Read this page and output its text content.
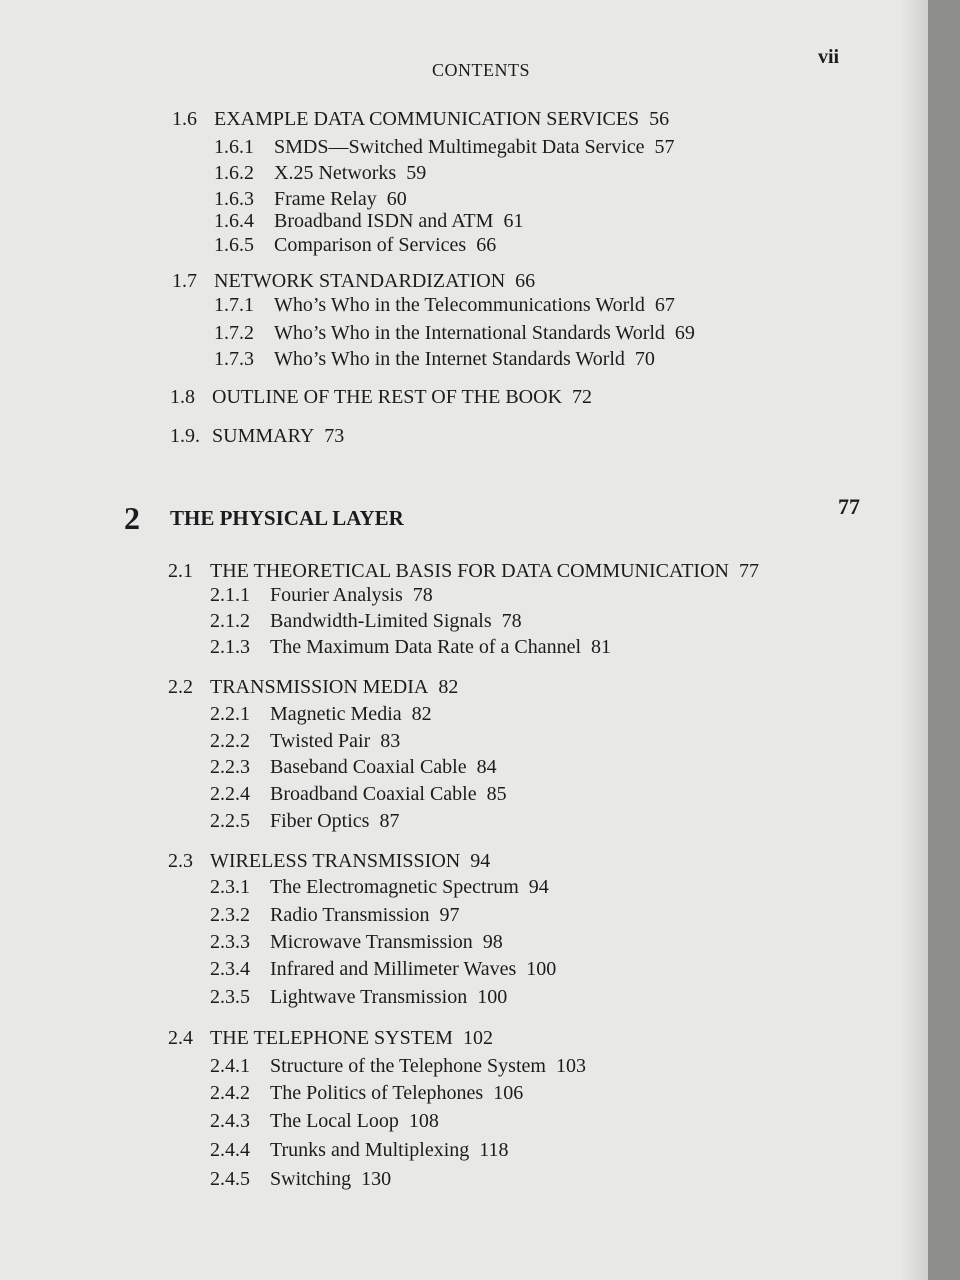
CONTENTS
vii
1.6 EXAMPLE DATA COMMUNICATION SERVICES 56
1.6.1 SMDS—Switched Multimegabit Data Service 57
1.6.2 X.25 Networks 59
1.6.3 Frame Relay 60
1.6.4 Broadband ISDN and ATM 61
1.6.5 Comparison of Services 66
1.7 NETWORK STANDARDIZATION 66
1.7.1 Who’s Who in the Telecommunications World 67
1.7.2 Who’s Who in the International Standards World 69
1.7.3 Who’s Who in the Internet Standards World 70
1.8 OUTLINE OF THE REST OF THE BOOK 72
1.9. SUMMARY 73
2 THE PHYSICAL LAYER	77
2.1 THE THEORETICAL BASIS FOR DATA COMMUNICATION 77
2.1.1 Fourier Analysis 78
2.1.2 Bandwidth-Limited Signals 78
2.1.3 The Maximum Data Rate of a Channel 81
2.2 TRANSMISSION MEDIA 82
2.2.1 Magnetic Media 82
2.2.2 Twisted Pair 83
2.2.3 Baseband Coaxial Cable 84
2.2.4 Broadband Coaxial Cable 85
2.2.5 Fiber Optics 87
2.3 WIRELESS TRANSMISSION 94
2.3.1 The Electromagnetic Spectrum 94
2.3.2 Radio Transmission 97
2.3.3 Microwave Transmission 98
2.3.4 Infrared and Millimeter Waves 100
2.3.5 Lightwave Transmission 100
2.4 THE TELEPHONE SYSTEM 102
2.4.1 Structure of the Telephone System 103
2.4.2 The Politics of Telephones 106
2.4.3 The Local Loop 108
2.4.4 Trunks and Multiplexing 118
2.4.5 Switching 130
